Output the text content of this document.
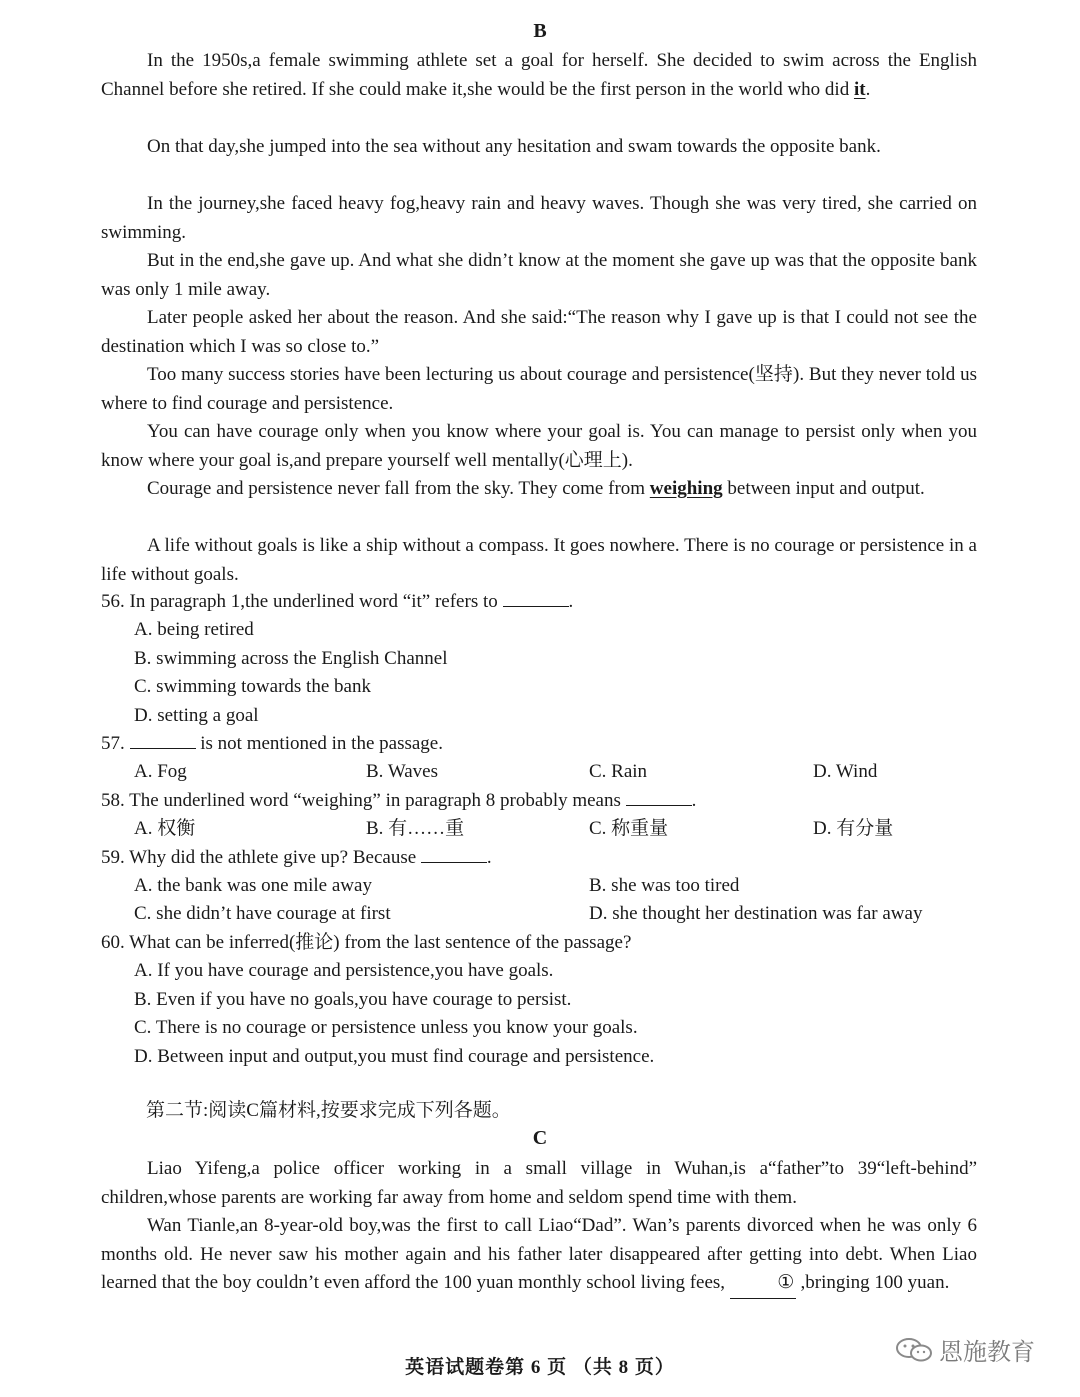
B

In the 1950s,a female swimming athlete set a goal for herself. She decided to swim across the English Channel before she retired. If she could make it,she would be the first person in the world who did it.

On that day,she jumped into the sea without any hesitation and swam towards the opposite bank.

In the journey,she faced heavy fog,heavy rain and heavy waves. Though she was very tired, she carried on swimming.

But in the end,she gave up. And what she didn’t know at the moment she gave up was that the opposite bank was only 1 mile away.

Later people asked her about the reason. And she said:“The reason why I gave up is that I could not see the destination which I was so close to.”

Too many success stories have been lecturing us about courage and persistence(坚持). But they never told us where to find courage and persistence.

You can have courage only when you know where your goal is. You can manage to persist only when you know where your goal is,and prepare yourself well mentally(心理上).

Courage and persistence never fall from the sky. They come from weighing between input and output.

A life without goals is like a ship without a compass. It goes nowhere. There is no courage or persistence in a life without goals.

56. In paragraph 1,the underlined word “it” refers to	.
A. being retired
B. swimming across the English Channel
C. swimming towards the bank
D. setting a goal
57.	is not mentioned in the passage.
A. Fog	B. Waves	C. Rain	D. Wind
58. The underlined word “weighing” in paragraph 8 probably means	.
A. 权衡	B. 有……重	C. 称重量	D. 有分量
59. Why did the athlete give up? Because	.
A. the bank was one mile away	B. she was too tired
C. she didn’t have courage at first	D. she thought her destination was far away
60. What can be inferred(推论) from the last sentence of the passage?
A. If you have courage and persistence,you have goals.
B. Even if you have no goals,you have courage to persist.
C. There is no courage or persistence unless you know your goals.
D. Between input and output,you must find courage and persistence.
第二节:阅读C篇材料,按要求完成下列各题。
C

Liao Yifeng,a police officer working in a small village in Wuhan,is a“father”to 39“left-behind” children,whose parents are working far away from home and seldom spend time with them.

Wan Tianle,an 8-year-old boy,was the first to call Liao“Dad”. Wan’s parents divorced when he was only 6 months old. He never saw his mother again and his father later disappeared after getting into debt. When Liao learned that the boy couldn’t even afford the 100 yuan monthly school living fees, ① ,bringing 100 yuan.

英语试题卷第 6 页 （共 8 页）
恩施教育
